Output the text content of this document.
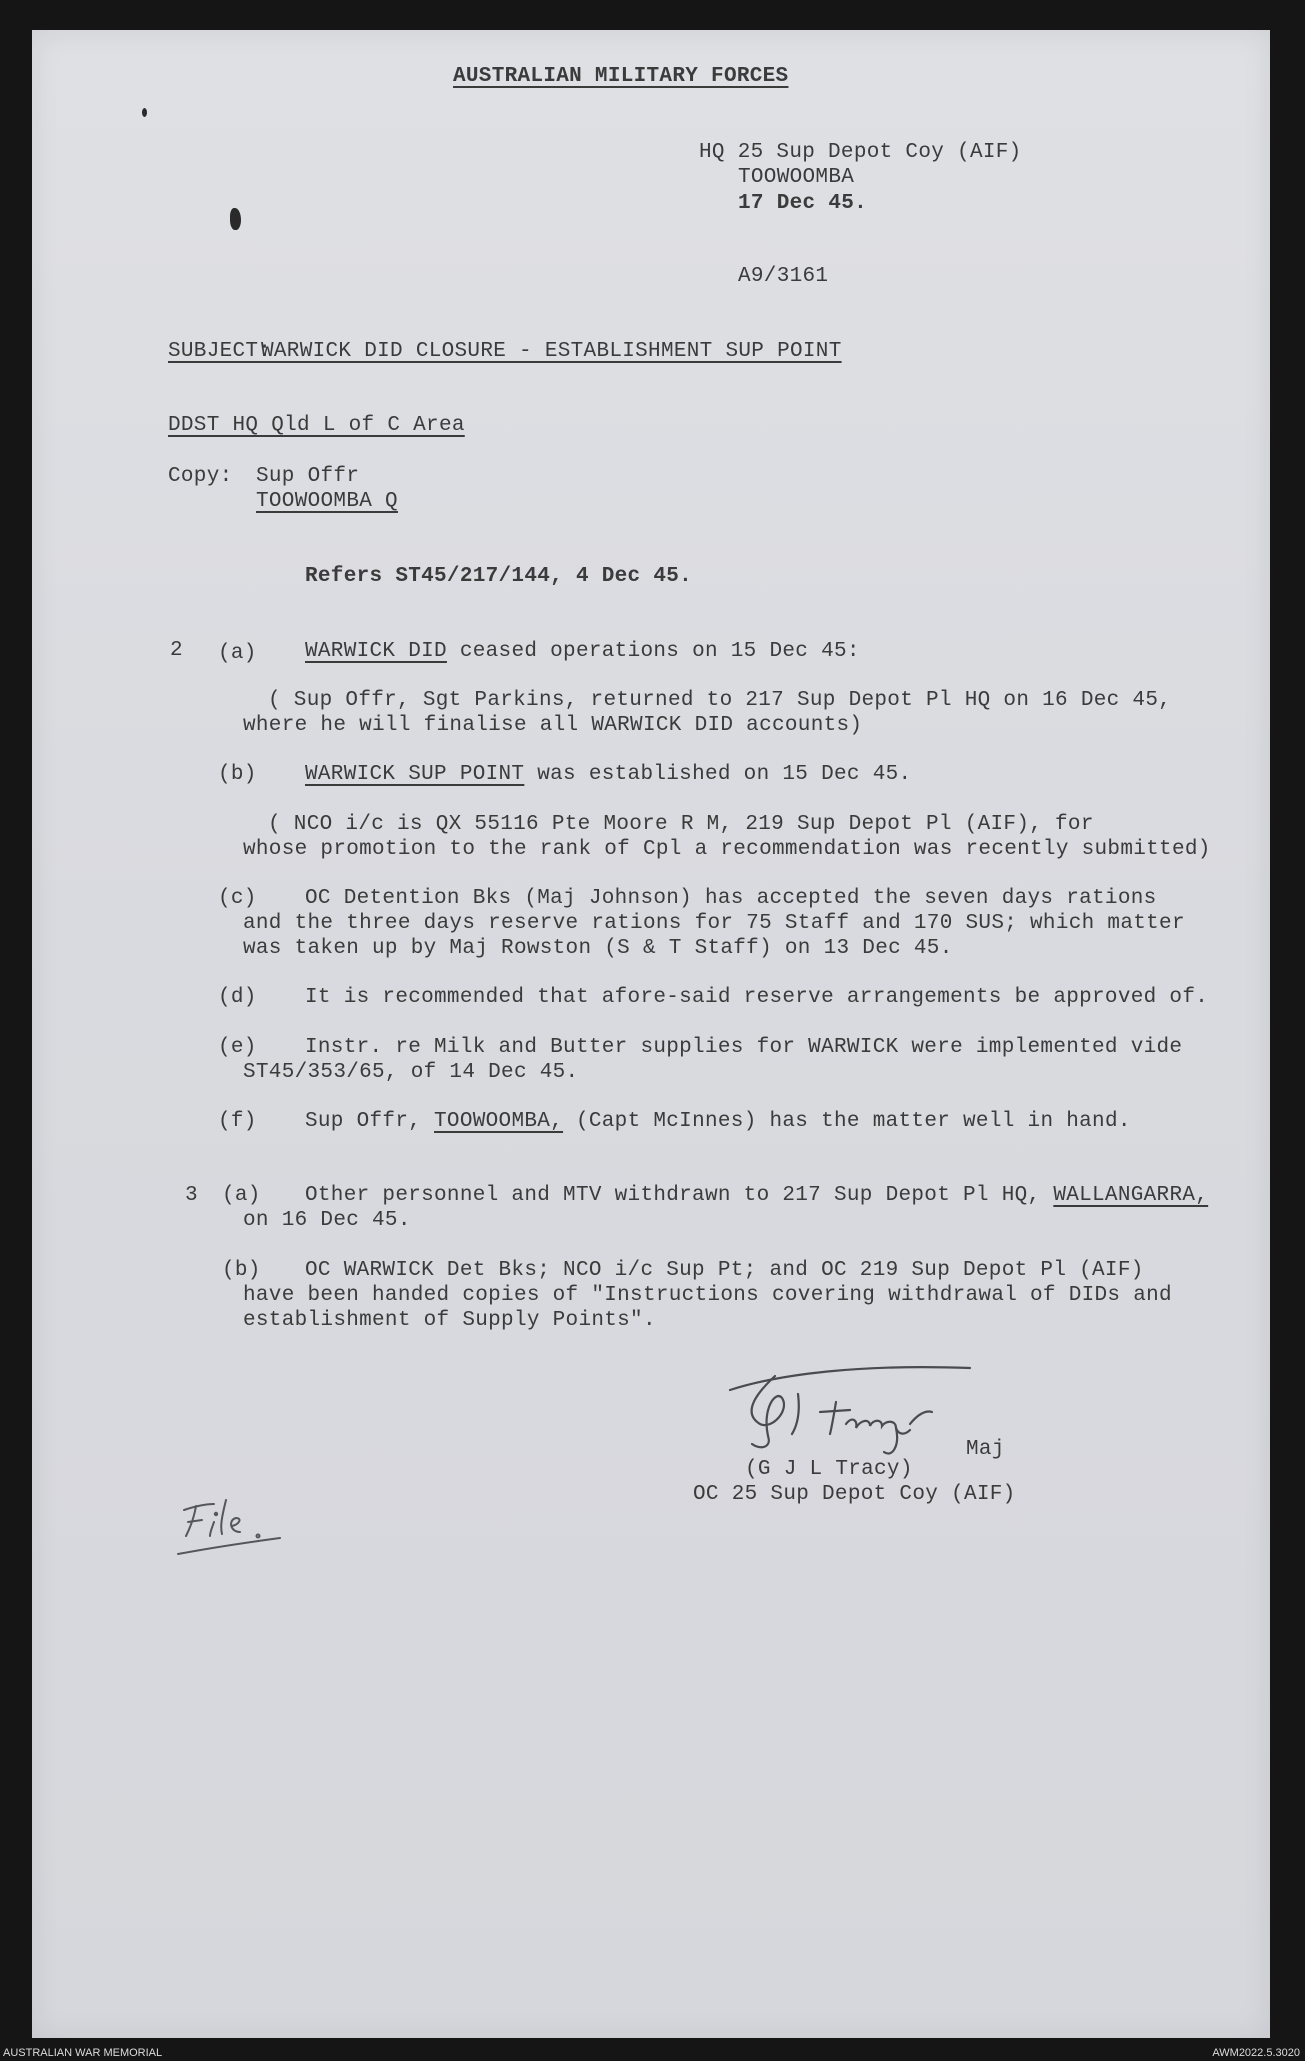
AUSTRALIAN MILITARY FORCES
HQ 25 Sup Depot Coy (AIF)
TOOWOOMBA
17 Dec 45.
A9/3161
SUBJECT:
WARWICK DID CLOSURE - ESTABLISHMENT SUP POINT
DDST HQ Qld L of C Area
Copy: Sup Offr
TOOWOOMBA Q
Refers ST45/217/144, 4 Dec 45.
2 (a) WARWICK DID ceased operations on 15 Dec 45:
( Sup Offr, Sgt Parkins, returned to 217 Sup Depot Pl HQ on 16 Dec 45,
where he will finalise all WARWICK DID accounts)
(b) WARWICK SUP POINT was established on 15 Dec 45.
( NCO i/c is QX 55116 Pte Moore R M, 219 Sup Depot Pl (AIF), for
whose promotion to the rank of Cpl a recommendation was recently submitted)
(c) OC Detention Bks (Maj Johnson) has accepted the seven days rations
and the three days reserve rations for 75 Staff and 170 SUS; which matter
was taken up by Maj Rowston (S & T Staff) on 13 Dec 45.
(d) It is recommended that afore-said reserve arrangements be approved of.
(e) Instr. re Milk and Butter supplies for WARWICK were implemented vide
ST45/353/65, of 14 Dec 45.
(f) Sup Offr, TOOWOOMBA, (Capt McInnes) has the matter well in hand.
3 (a) Other personnel and MTV withdrawn to 217 Sup Depot Pl HQ, WALLANGARRA,
on 16 Dec 45.
(b) OC WARWICK Det Bks; NCO i/c Sup Pt; and OC 219 Sup Depot Pl (AIF)
have been handed copies of "Instructions covering withdrawal of DIDs and
establishment of Supply Points".
Maj
(G J L Tracy)
OC 25 Sup Depot Coy (AIF)
AUSTRALIAN WAR MEMORIAL	AWM2022.5.3020
